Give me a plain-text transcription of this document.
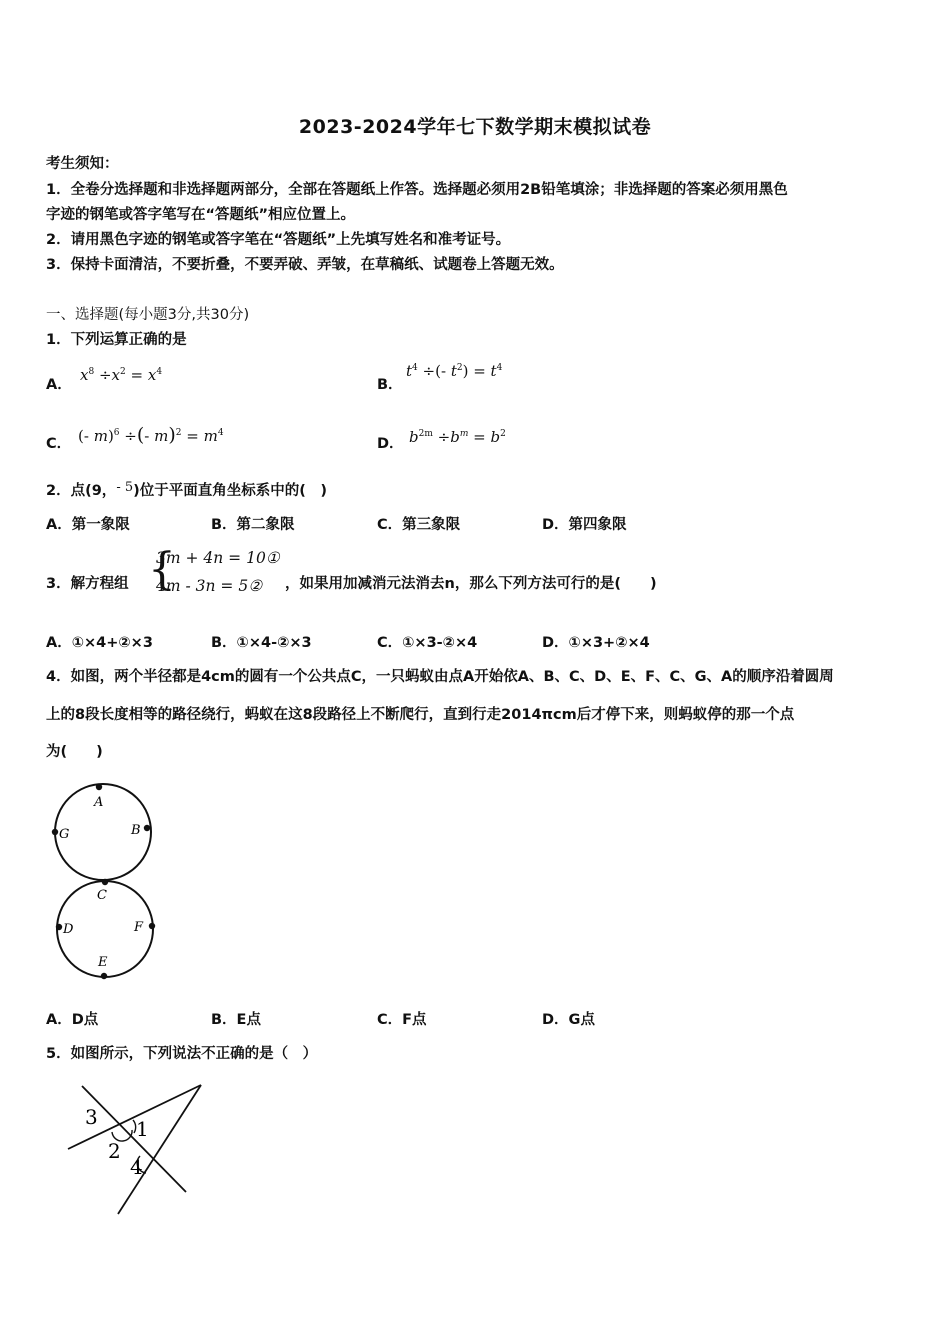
2023-2024学年七下数学期末模拟试卷
考生须知：
1．全卷分选择题和非选择题两部分，全部在答题纸上作答。选择题必须用2B铅笔填涂；非选择题的答案必须用黑色
字迹的钢笔或答字笔写在“答题纸”相应位置上。
2．请用黑色字迹的钢笔或答字笔在“答题纸”上先填写姓名和准考证号。
3．保持卡面清洁，不要折叠，不要弄破、弄皱，在草稿纸、试题卷上答题无效。
一、选择题(每小题3分,共30分)
1．下列运算正确的是
A．
$x^8 \div x^2 = x^4$
B．
$t^4$ ÷(- $t^2) = t^4$
C． (- m)$^6$ ÷(- $m)^2 = m^4$
D． $b^{2m} \div b^m = b^2$
2．点(9，- 5)位于平面直角坐标系中的(　)
A．第一象限	B．第二象限	C．第三象限	D．第四象限
3．解方程组 {
3m + 4n = 10①
4m - 3n = 5② ，如果用加减消元法消去n，那么下列方法可行的是(　　)
A．①×4+②×3	B．①×4-②×3	C．①×3-②×4	D．①×3+②×4
4．如图，两个半径都是4cm的圆有一个公共点C，一只蚂蚁由点A开始依A、B、C、D、E、F、C、G、A的顺序沿着圆周
上的8段长度相等的路径绕行，蚂蚁在这8段路径上不断爬行，直到行走2014πcm后才停下来，则蚂蚁停的那一个点
为(　　)
A
B
G
C
D	F
E
A．D点	B．E点	C．F点	D．G点
5．如图所示，下列说法不正确的是（　）
3 1
2
4
